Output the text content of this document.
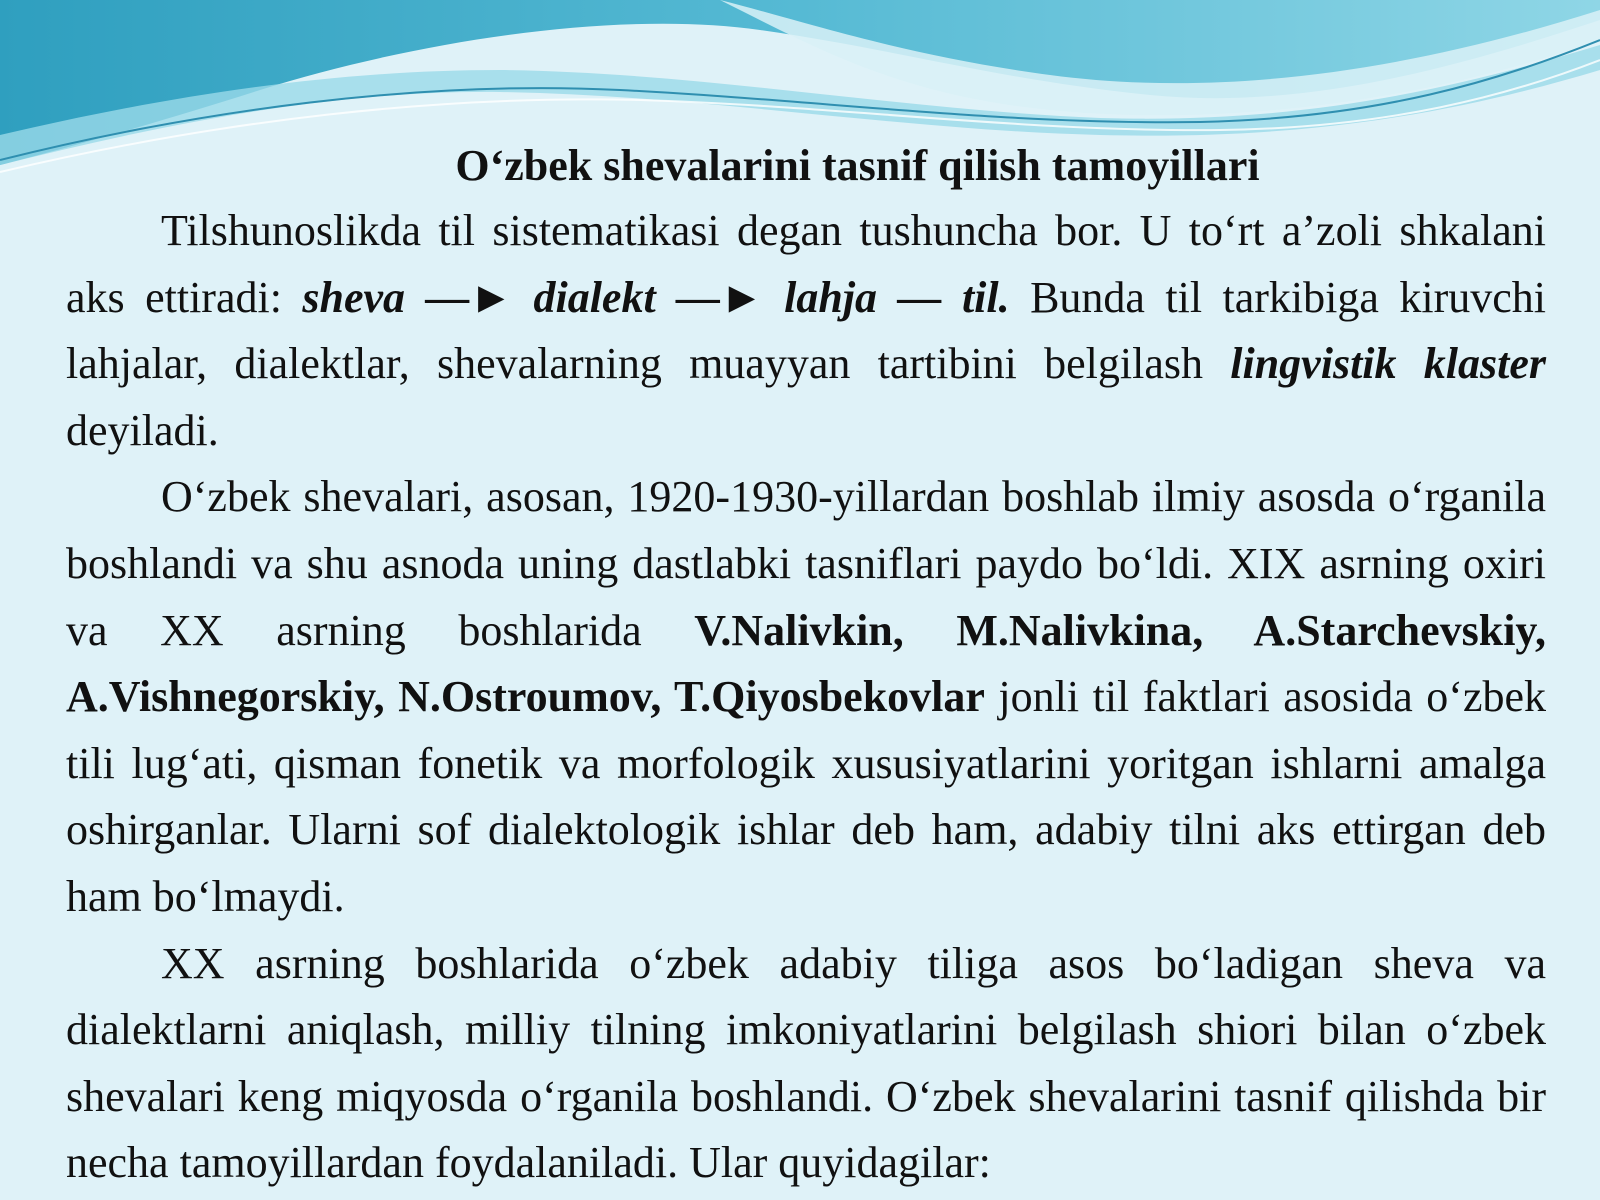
O‘zbek shevalarini tasnif qilish tamoyillari

Tilshunoslikda til sistematikasi degan tushuncha bor. U to‘rt a’zoli shkalani aks ettiradi: sheva —► dialekt —► lahja — til. Bunda til tarkibiga kiruvchi lahjalar, dialektlar, shevalarning muayyan tartibini belgilash lingvistik klaster deyiladi.

O‘zbek shevalari, asosan, 1920-1930-yillardan boshlab ilmiy asosda o‘rganila boshlandi va shu asnoda uning dastlabki tasniflari paydo bo‘ldi. XIX asrning oxiri va XX asrning boshlarida V.Nalivkin, M.Nalivkina, A.Starchevskiy, A.Vishnegorskiy, N.Ostroumov, T.Qiyosbekovlar jonli til faktlari asosida o‘zbek tili lug‘ati, qisman fonetik va morfologik xususiyatlarini yoritgan ishlarni amalga oshirganlar. Ularni sof dialektologik ishlar deb ham, adabiy tilni aks ettirgan deb ham bo‘lmaydi.

XX asrning boshlarida o‘zbek adabiy tiliga asos bo‘ladigan sheva va dialektlarni aniqlash, milliy tilning imkoniyatlarini belgilash shiori bilan o‘zbek shevalari keng miqyosda o‘rganila boshlandi. O‘zbek shevalarini tasnif qilishda bir necha tamoyillardan foydalaniladi. Ular quyidagilar:
